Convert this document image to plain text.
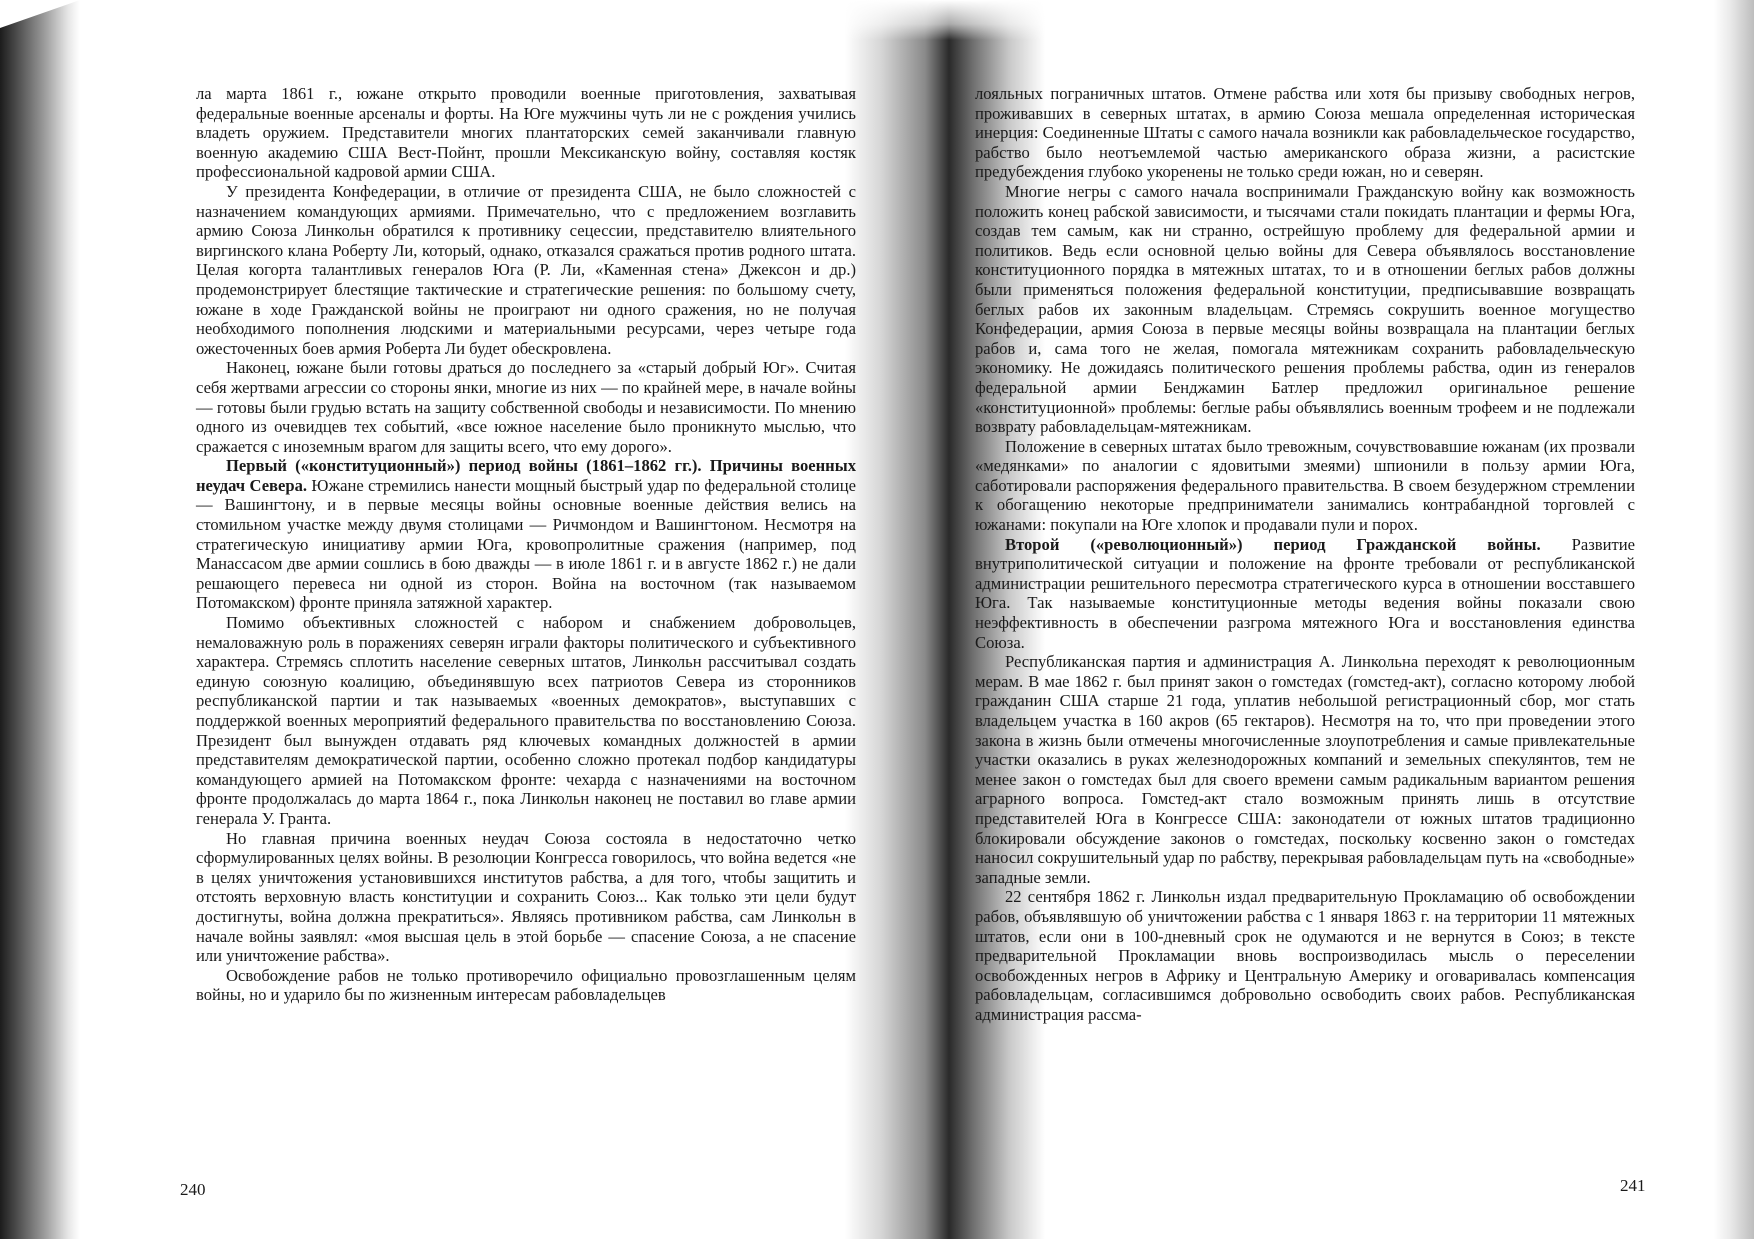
ла марта 1861 г., южане открыто проводили военные приготовления, захватывая федеральные военные арсеналы и форты. На Юге мужчины чуть ли не с рождения учились владеть оружием. Представители многих плантаторских семей заканчивали главную военную академию США Вест-Пойнт, прошли Мексиканскую войну, составляя костяк профессиональной кадровой армии США.

У президента Конфедерации, в отличие от президента США, не было сложностей с назначением командующих армиями. Примечательно, что с предложением возглавить армию Союза Линкольн обратился к противнику сецессии, представителю влиятельного виргинского клана Роберту Ли, который, однако, отказался сражаться против родного штата. Целая когорта талантливых генералов Юга (Р. Ли, «Каменная стена» Джексон и др.) продемонстрирует блестящие тактические и стратегические решения: по большому счету, южане в ходе Гражданской войны не проиграют ни одного сражения, но не получая необходимого пополнения людскими и материальными ресурсами, через четыре года ожесточенных боев армия Роберта Ли будет обескровлена.

Наконец, южане были готовы драться до последнего за «старый добрый Юг». Считая себя жертвами агрессии со стороны янки, многие из них — по крайней мере, в начале войны — готовы были грудью встать на защиту собственной свободы и независимости. По мнению одного из очевидцев тех событий, «все южное население было проникнуто мыслью, что сражается с иноземным врагом для защиты всего, что ему дорого».

Первый («конституционный») период войны (1861–1862 гг.). Причины военных неудач Севера. Южане стремились нанести мощный быстрый удар по федеральной столице — Вашингтону, и в первые месяцы войны основные военные действия велись на стомильном участке между двумя столицами — Ричмондом и Вашингтоном. Несмотря на стратегическую инициативу армии Юга, кровопролитные сражения (например, под Манассасом две армии сошлись в бою дважды — в июле 1861 г. и в августе 1862 г.) не дали решающего перевеса ни одной из сторон. Война на восточном (так называемом Потомакском) фронте приняла затяжной характер.

Помимо объективных сложностей с набором и снабжением добровольцев, немаловажную роль в поражениях северян играли факторы политического и субъективного характера. Стремясь сплотить население северных штатов, Линкольн рассчитывал создать единую союзную коалицию, объединявшую всех патриотов Севера из сторонников республиканской партии и так называемых «военных демократов», выступавших с поддержкой военных мероприятий федерального правительства по восстановлению Союза. Президент был вынужден отдавать ряд ключевых командных должностей в армии представителям демократической партии, особенно сложно протекал подбор кандидатуры командующего армией на Потомакском фронте: чехарда с назначениями на восточном фронте продолжалась до марта 1864 г., пока Линкольн наконец не поставил во главе армии генерала У. Гранта.

Но главная причина военных неудач Союза состояла в недостаточно четко сформулированных целях войны. В резолюции Конгресса говорилось, что война ведется «не в целях уничтожения установившихся институтов рабства, а для того, чтобы защитить и отстоять верховную власть конституции и сохранить Союз... Как только эти цели будут достигнуты, война должна прекратиться». Являясь противником рабства, сам Линкольн в начале войны заявлял: «моя высшая цель в этой борьбе — спасение Союза, а не спасение или уничтожение рабства».

Освобождение рабов не только противоречило официально провозглашенным целям войны, но и ударило бы по жизненным интересам рабовладельцев

лояльных пограничных штатов. Отмене рабства или хотя бы призыву свободных негров, проживавших в северных штатах, в армию Союза мешала определенная историческая инерция: Соединенные Штаты с самого начала возникли как рабовладельческое государство, рабство было неотъемлемой частью американского образа жизни, а расистские предубеждения глубоко укоренены не только среди южан, но и северян.

Многие негры с самого начала воспринимали Гражданскую войну как возможность положить конец рабской зависимости, и тысячами стали покидать плантации и фермы Юга, создав тем самым, как ни странно, острейшую проблему для федеральной армии и политиков. Ведь если основной целью войны для Севера объявлялось восстановление конституционного порядка в мятежных штатах, то и в отношении беглых рабов должны были применяться положения федеральной конституции, предписывавшие возвращать беглых рабов их законным владельцам. Стремясь сокрушить военное могущество Конфедерации, армия Союза в первые месяцы войны возвращала на плантации беглых рабов и, сама того не желая, помогала мятежникам сохранить рабовладельческую экономику. Не дожидаясь политического решения проблемы рабства, один из генералов федеральной армии Бенджамин Батлер предложил оригинальное решение «конституционной» проблемы: беглые рабы объявлялись военным трофеем и не подлежали возврату рабовладельцам-мятежникам.

Положение в северных штатах было тревожным, сочувствовавшие южанам (их прозвали «медянками» по аналогии с ядовитыми змеями) шпионили в пользу армии Юга, саботировали распоряжения федерального правительства. В своем безудержном стремлении к обогащению некоторые предприниматели занимались контрабандной торговлей с южанами: покупали на Юге хлопок и продавали пули и порох.

Второй («революционный») период Гражданской войны. Развитие внутриполитической ситуации и положение на фронте требовали от республиканской администрации решительного пересмотра стратегического курса в отношении восставшего Юга. Так называемые конституционные методы ведения войны показали свою неэффективность в обеспечении разгрома мятежного Юга и восстановления единства Союза.

Республиканская партия и администрация А. Линкольна переходят к революционным мерам. В мае 1862 г. был принят закон о гомстедах (гомстед-акт), согласно которому любой гражданин США старше 21 года, уплатив небольшой регистрационный сбор, мог стать владельцем участка в 160 акров (65 гектаров). Несмотря на то, что при проведении этого закона в жизнь были отмечены многочисленные злоупотребления и самые привлекательные участки оказались в руках железнодорожных компаний и земельных спекулянтов, тем не менее закон о гомстедах был для своего времени самым радикальным вариантом решения аграрного вопроса. Гомстед-акт стало возможным принять лишь в отсутствие представителей Юга в Конгрессе США: законодатели от южных штатов традиционно блокировали обсуждение законов о гомстедах, поскольку косвенно закон о гомстедах наносил сокрушительный удар по рабству, перекрывая рабовладельцам путь на «свободные» западные земли.

22 сентября 1862 г. Линкольн издал предварительную Прокламацию об освобождении рабов, объявлявшую об уничтожении рабства с 1 января 1863 г. на территории 11 мятежных штатов, если они в 100-дневный срок не одумаются и не вернутся в Союз; в тексте предварительной Прокламации вновь воспроизводилась мысль о переселении освобожденных негров в Африку и Центральную Америку и оговаривалась компенсация рабовладельцам, согласившимся добровольно освободить своих рабов. Республиканская администрация рассма-

240	241
